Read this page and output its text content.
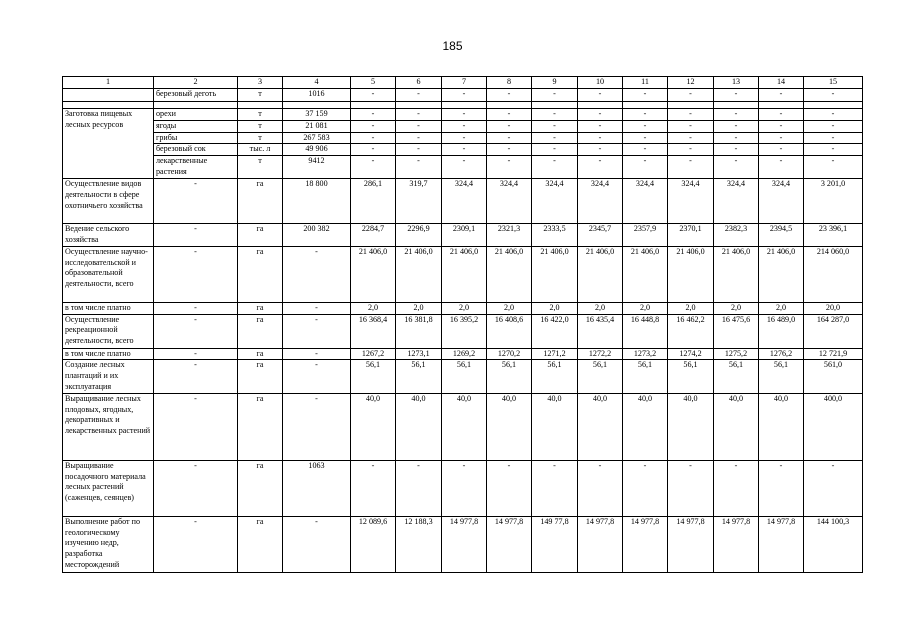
185
1	2	3	4	5	6	7	8	9	10	11	12	13	14	15
	березовый деготь	т	1016	-	-	-	-	-	-	-	-	-	-	-

Заготовка пищевых лесных ресурсов	орехи	т	37 159	-	-	-	-	-	-	-	-	-	-	-
	ягоды	т	21 081	-	-	-	-	-	-	-	-	-	-	-
	грибы	т	267 583	-	-	-	-	-	-	-	-	-	-	-
	березовый сок	тыс. л	49 906	-	-	-	-	-	-	-	-	-	-	-
	лекарственные растения	т	9412	-	-	-	-	-	-	-	-	-	-	-
Осуществление видов деятельности в сфере охотничьего хозяйства	-	га	18 800	286,1	319,7	324,4	324,4	324,4	324,4	324,4	324,4	324,4	324,4	3 201,0
Ведение сельского хозяйства	-	га	200 382	2284,7	2296,9	2309,1	2321,3	2333,5	2345,7	2357,9	2370,1	2382,3	2394,5	23 396,1
Осуществление научно-исследовательской и образовательной деятельности, всего	-	га	-	21 406,0	21 406,0	21 406,0	21 406,0	21 406,0	21 406,0	21 406,0	21 406,0	21 406,0	21 406,0	214 060,0
в том числе платно	-	га	-	2,0	2,0	2,0	2,0	2,0	2,0	2,0	2,0	2,0	2,0	20,0
Осуществление рекреационной деятельности, всего	-	га	-	16 368,4	16 381,8	16 395,2	16 408,6	16 422,0	16 435,4	16 448,8	16 462,2	16 475,6	16 489,0	164 287,0
в том числе платно	-	га	-	1267,2	1273,1	1269,2	1270,2	1271,2	1272,2	1273,2	1274,2	1275,2	1276,2	12 721,9
Создание лесных плантаций и их эксплуатация	-	га	-	56,1	56,1	56,1	56,1	56,1	56,1	56,1	56,1	56,1	56,1	561,0
Выращивание лесных плодовых, ягодных, декоративных и лекарственных растений	-	га	-	40,0	40,0	40,0	40,0	40,0	40,0	40,0	40,0	40,0	40,0	400,0
Выращивание посадочного материала лесных растений (саженцев, сеянцев)	-	га	1063	-	-	-	-	-	-	-	-	-	-	-
Выполнение работ по геологическому изучению недр, разработка месторождений	-	га	-	12 089,6	12 188,3	14 977,8	14 977,8	149 77,8	14 977,8	14 977,8	14 977,8	14 977,8	14 977,8	144 100,3
